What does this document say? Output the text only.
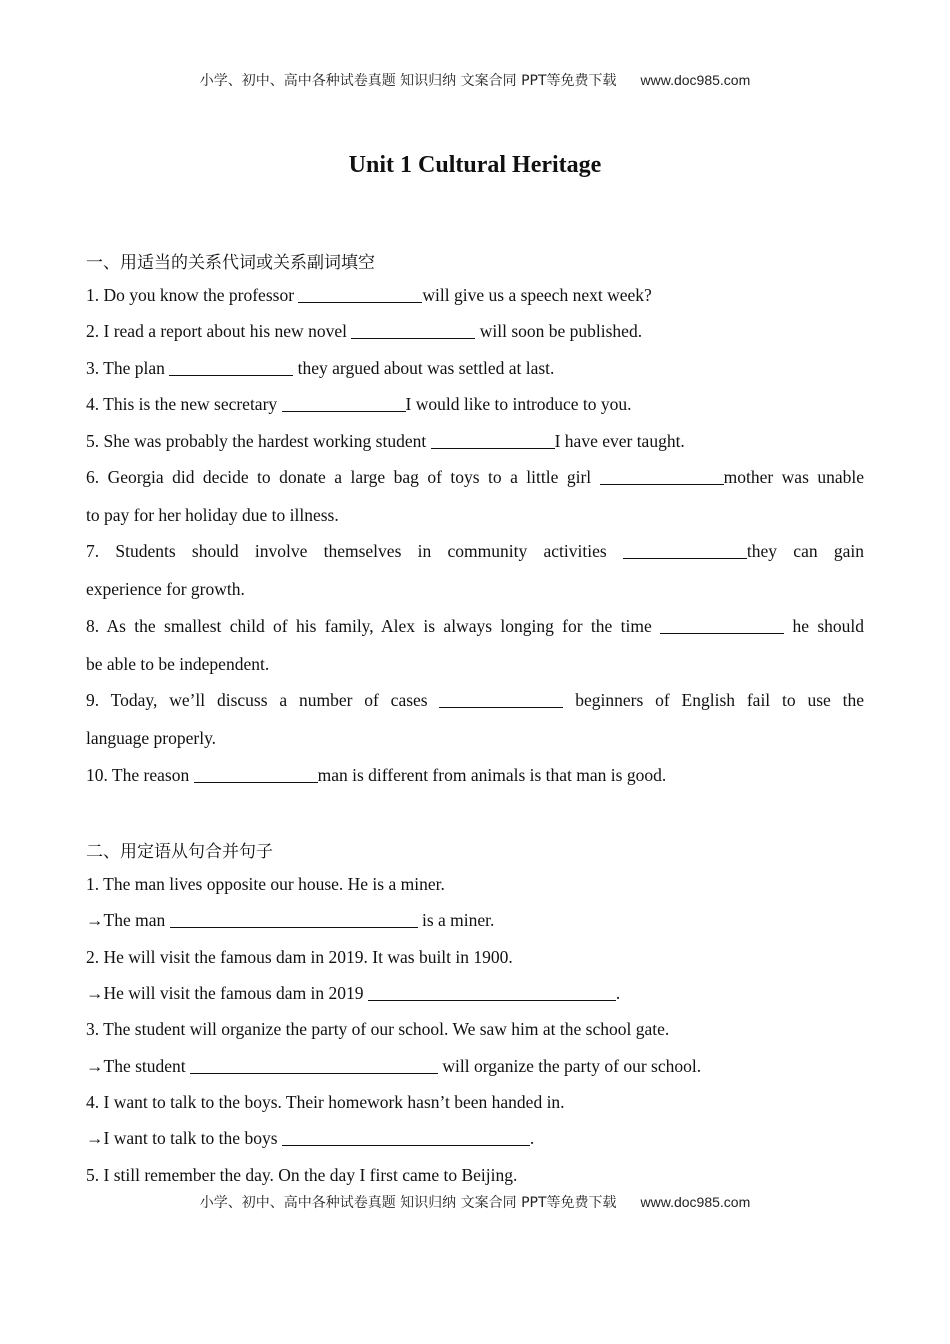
小学、初中、高中各种试卷真题 知识归纳 文案合同 PPT等免费下载 www.doc985.com
Unit 1 Cultural Heritage
一、用适当的关系代词或关系副词填空
1. Do you know the professor	will give us a speech next week?
2. I read a report about his new novel	will soon be published.
3. The plan	they argued about was settled at last.
4. This is the new secretary	I would like to introduce to you.
5. She was probably the hardest working student	I have ever taught.
6. Georgia did decide to donate a large bag of toys to a little girl	mother was unable
to pay for her holiday due to illness.
7. Students should involve themselves in community activities	they can gain
experience for growth.
8. As the smallest child of his family, Alex is always longing for the time	he should
be able to be independent.
9. Today, we’ll discuss a number of cases	beginners of English fail to use the
language properly.
10. The reason	man is different from animals is that man is good.
二、用定语从句合并句子
1. The man lives opposite our house. He is a miner.
→The man	is a miner.
2. He will visit the famous dam in 2019. It was built in 1900.
→He will visit the famous dam in 2019	.
3. The student will organize the party of our school. We saw him at the school gate.
→The student	will organize the party of our school.
4. I want to talk to the boys. Their homework hasn’t been handed in.
→I want to talk to the boys	.
5. I still remember the day. On the day I first came to Beijing.
小学、初中、高中各种试卷真题 知识归纳 文案合同 PPT等免费下载 www.doc985.com
